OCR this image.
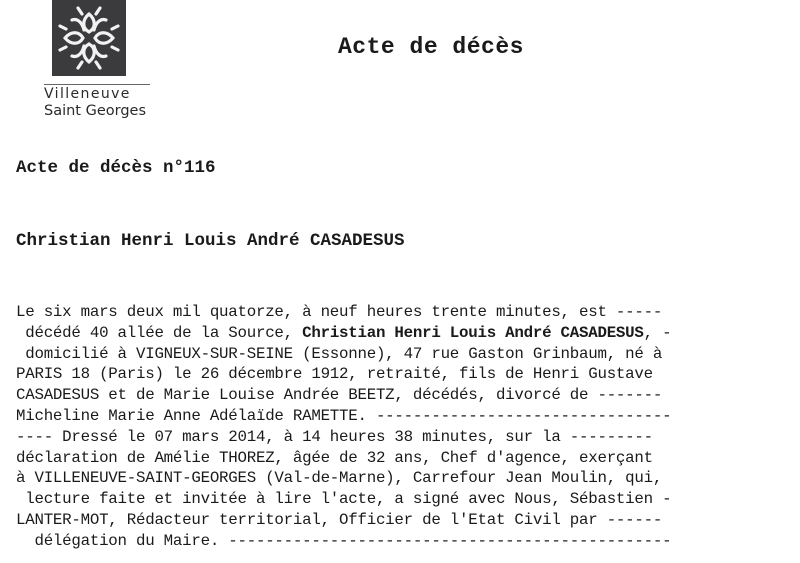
Villeneuve
Saint Georges
Acte de décès
Acte de décès n°116
Christian Henri Louis André CASADESUS
Le six mars deux mil quatorze, à neuf heures trente minutes, est -----
décédé 40 allée de la Source, Christian Henri Louis André CASADESUS, -
domicilié à VIGNEUX-SUR-SEINE (Essonne), 47 rue Gaston Grinbaum, né à
PARIS 18 (Paris) le 26 décembre 1912, retraité, fils de Henri Gustave
CASADESUS et de Marie Louise Andrée BEETZ, décédés, divorcé de -------
Micheline Marie Anne Adélaïde RAMETTE. --------------------------------
---- Dressé le 07 mars 2014, à 14 heures 38 minutes, sur la ---------
déclaration de Amélie THOREZ, âgée de 32 ans, Chef d'agence, exerçant
à VILLENEUVE-SAINT-GEORGES (Val-de-Marne), Carrefour Jean Moulin, qui,
lecture faite et invitée à lire l'acte, a signé avec Nous, Sébastien -
LANTER-MOT, Rédacteur territorial, Officier de l'Etat Civil par ------
délégation du Maire. ------------------------------------------------
